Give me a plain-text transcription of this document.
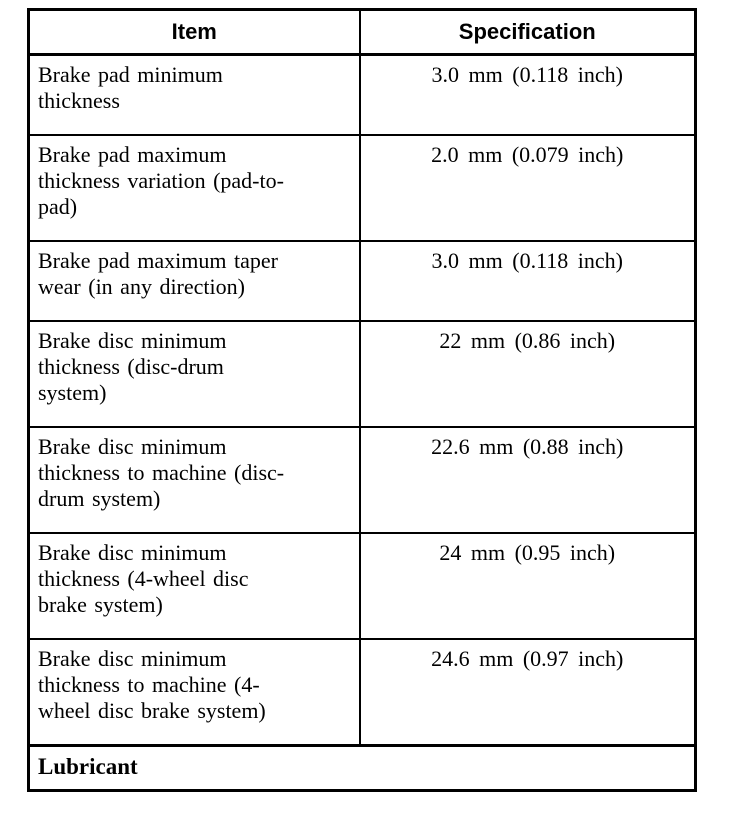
Item	Specification

Brake pad minimum thickness	3.0 mm (0.118 inch)

Brake pad maximum thickness variation (pad-to-pad)	2.0 mm (0.079 inch)

Brake pad maximum taper wear (in any direction)	3.0 mm (0.118 inch)

Brake disc minimum thickness (disc-drum system)	22 mm (0.86 inch)

Brake disc minimum thickness to machine (disc-drum system)	22.6 mm (0.88 inch)

Brake disc minimum thickness (4-wheel disc brake system)	24 mm (0.95 inch)

Brake disc minimum thickness to machine (4-wheel disc brake system)	24.6 mm (0.97 inch)

Lubricant	
